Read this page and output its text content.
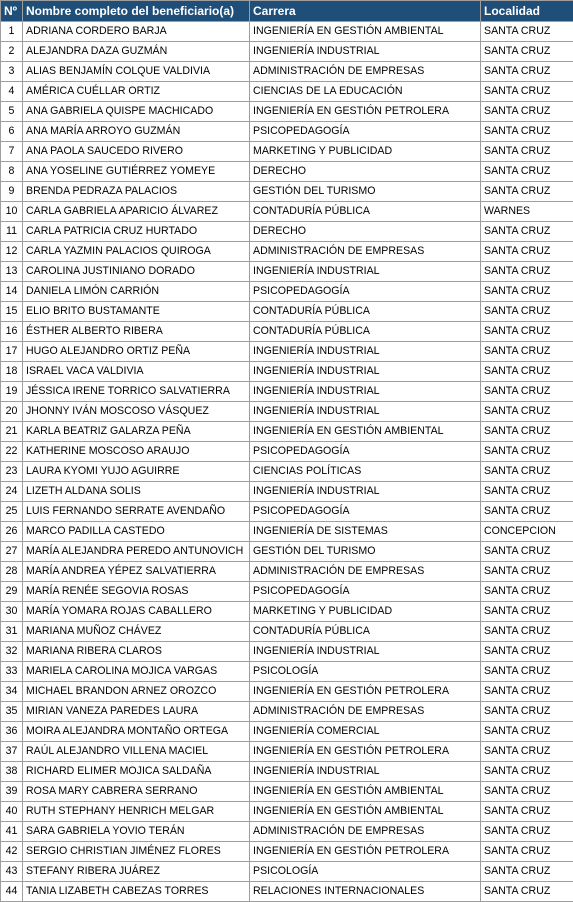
Nº	Nombre completo del beneficiario(a)	Carrera	Localidad
1	ADRIANA CORDERO BARJA	INGENIERÍA EN GESTIÓN AMBIENTAL	SANTA CRUZ
2	ALEJANDRA DAZA GUZMÁN	INGENIERÍA INDUSTRIAL	SANTA CRUZ
3	ALIAS BENJAMÍN COLQUE VALDIVIA	ADMINISTRACIÓN DE EMPRESAS	SANTA CRUZ
4	AMÉRICA CUÉLLAR ORTIZ	CIENCIAS DE LA EDUCACIÓN	SANTA CRUZ
5	ANA GABRIELA QUISPE MACHICADO	INGENIERÍA EN GESTIÓN PETROLERA	SANTA CRUZ
6	ANA MARÍA ARROYO GUZMÁN	PSICOPEDAGOGÍA	SANTA CRUZ
7	ANA PAOLA SAUCEDO RIVERO	MARKETING Y PUBLICIDAD	SANTA CRUZ
8	ANA YOSELINE GUTIÉRREZ YOMEYE	DERECHO	SANTA CRUZ
9	BRENDA PEDRAZA PALACIOS	GESTIÓN DEL TURISMO	SANTA CRUZ
10	CARLA GABRIELA APARICIO ÁLVAREZ	CONTADURÍA PÚBLICA	WARNES
11	CARLA PATRICIA CRUZ HURTADO	DERECHO	SANTA CRUZ
12	CARLA YAZMIN PALACIOS QUIROGA	ADMINISTRACIÓN DE EMPRESAS	SANTA CRUZ
13	CAROLINA JUSTINIANO DORADO	INGENIERÍA INDUSTRIAL	SANTA CRUZ
14	DANIELA LIMÓN CARRIÓN	PSICOPEDAGOGÍA	SANTA CRUZ
15	ELIO BRITO BUSTAMANTE	CONTADURÍA PÚBLICA	SANTA CRUZ
16	ÉSTHER ALBERTO RIBERA	CONTADURÍA PÚBLICA	SANTA CRUZ
17	HUGO ALEJANDRO ORTIZ PEÑA	INGENIERÍA INDUSTRIAL	SANTA CRUZ
18	ISRAEL VACA VALDIVIA	INGENIERÍA INDUSTRIAL	SANTA CRUZ
19	JÉSSICA IRENE TORRICO SALVATIERRA	INGENIERÍA INDUSTRIAL	SANTA CRUZ
20	JHONNY IVÁN MOSCOSO VÁSQUEZ	INGENIERÍA INDUSTRIAL	SANTA CRUZ
21	KARLA BEATRIZ GALARZA PEÑA	INGENIERÍA EN GESTIÓN AMBIENTAL	SANTA CRUZ
22	KATHERINE MOSCOSO ARAUJO	PSICOPEDAGOGÍA	SANTA CRUZ
23	LAURA KYOMI YUJO AGUIRRE	CIENCIAS POLÍTICAS	SANTA CRUZ
24	LIZETH ALDANA SOLIS	INGENIERÍA INDUSTRIAL	SANTA CRUZ
25	LUIS FERNANDO SERRATE AVENDAÑO	PSICOPEDAGOGÍA	SANTA CRUZ
26	MARCO PADILLA CASTEDO	INGENIERÍA DE SISTEMAS	CONCEPCION
27	MARÍA ALEJANDRA PEREDO ANTUNOVICH	GESTIÓN DEL TURISMO	SANTA CRUZ
28	MARÍA ANDREA YÉPEZ SALVATIERRA	ADMINISTRACIÓN DE EMPRESAS	SANTA CRUZ
29	MARÍA RENÉE SEGOVIA ROSAS	PSICOPEDAGOGÍA	SANTA CRUZ
30	MARÍA YOMARA ROJAS CABALLERO	MARKETING Y PUBLICIDAD	SANTA CRUZ
31	MARIANA MUÑOZ CHÁVEZ	CONTADURÍA PÚBLICA	SANTA CRUZ
32	MARIANA RIBERA CLAROS	INGENIERÍA INDUSTRIAL	SANTA CRUZ
33	MARIELA CAROLINA MOJICA VARGAS	PSICOLOGÍA	SANTA CRUZ
34	MICHAEL BRANDON ARNEZ OROZCO	INGENIERÍA EN GESTIÓN PETROLERA	SANTA CRUZ
35	MIRIAN VANEZA PAREDES LAURA	ADMINISTRACIÓN DE EMPRESAS	SANTA CRUZ
36	MOIRA ALEJANDRA MONTAÑO ORTEGA	INGENIERÍA COMERCIAL	SANTA CRUZ
37	RAÚL ALEJANDRO VILLENA MACIEL	INGENIERÍA EN GESTIÓN PETROLERA	SANTA CRUZ
38	RICHARD ELIMER MOJICA SALDAÑA	INGENIERÍA INDUSTRIAL	SANTA CRUZ
39	ROSA MARY CABRERA SERRANO	INGENIERÍA EN GESTIÓN AMBIENTAL	SANTA CRUZ
40	RUTH STEPHANY HENRICH MELGAR	INGENIERÍA EN GESTIÓN AMBIENTAL	SANTA CRUZ
41	SARA GABRIELA YOVIO TERÁN	ADMINISTRACIÓN DE EMPRESAS	SANTA CRUZ
42	SERGIO CHRISTIAN JIMÉNEZ FLORES	INGENIERÍA EN GESTIÓN PETROLERA	SANTA CRUZ
43	STEFANY RIBERA JUÁREZ	PSICOLOGÍA	SANTA CRUZ
44	TANIA LIZABETH CABEZAS TORRES	RELACIONES INTERNACIONALES	SANTA CRUZ
